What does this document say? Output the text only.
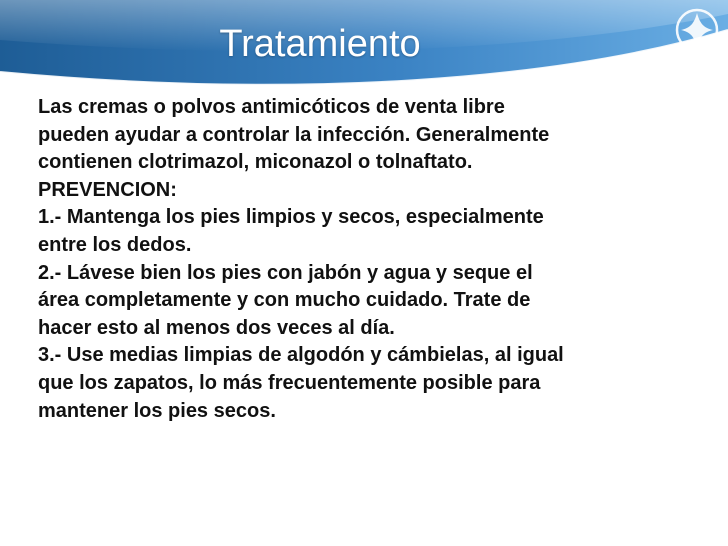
Tratamiento
Las cremas o polvos antimicóticos de venta libre
pueden ayudar a controlar la infección. Generalmente
contienen clotrimazol, miconazol o tolnaftato.
PREVENCION:
1.- Mantenga los pies limpios y secos, especialmente
entre los dedos.
2.- Lávese bien los pies con jabón y agua y seque el
área completamente y con mucho cuidado. Trate de
hacer esto al menos dos veces al día.
3.- Use medias limpias de algodón y cámbielas, al igual
que los zapatos, lo más frecuentemente posible para
mantener los pies secos.
